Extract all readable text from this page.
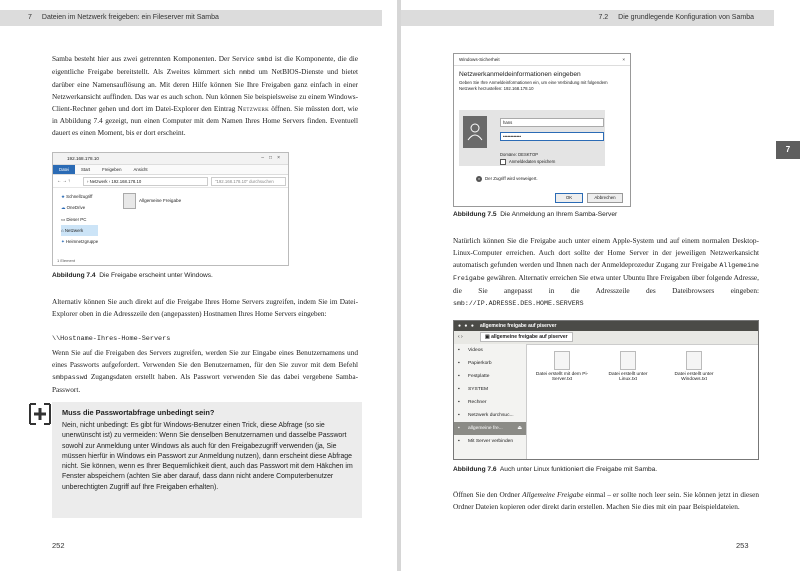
7 Dateien im Netzwerk freigeben: ein Fileserver mit Samba
Samba besteht hier aus zwei getrennten Komponenten. Der Service smbd ist die Komponente, die die eigentliche Freigabe bereitstellt. Als Zweites kümmert sich nmbd um NetBIOS-Dienste und bietet darüber eine Namensauflösung an. Mit deren Hilfe können Sie Ihre Freigaben ganz einfach in einer Netzwerkansicht auffinden. Das war es auch schon. Nun können Sie beispielsweise zu einem Windows-Client-Rechner gehen und dort im Datei-Explorer den Eintrag Netzwerk öffnen. Sie müssten dort, wie in Abbildung 7.4 gezeigt, nun einen Computer mit dem Namen Ihres Home Servers finden. Eventuell dauert es einen Moment, bis er dort erscheint.
192.168.178.10	–□×
Datei	Start	Freigeben	Ansicht
← → ↑	› Netzwerk › 192.168.178.10	"192.168.178.10" durchsuchen
★ Schnellzugriff
☁ OneDrive
▭ Dieser PC
⌂ Netzwerk
✦ Heimnetzgruppe
Allgemeine Freigabe
1 Element
Abbildung 7.4 Die Freigabe erscheint unter Windows.
Alternativ können Sie auch direkt auf die Freigabe Ihres Home Servers zugreifen, indem Sie im Datei-Explorer oben in die Adresszeile den (angepassten) Hostnamen Ihres Home Servers eingeben:
\\Hostname-Ihres-Home-Servers
Wenn Sie auf die Freigaben des Servers zugreifen, werden Sie zur Eingabe eines Benutzernamens und eines Passworts aufgefordert. Verwenden Sie den Benutzernamen, für den Sie zuvor mit dem Befehl smbpasswd Zugangsdaten erstellt haben. Als Passwort verwenden Sie das dabei vergebene Samba-Passwort.
Muss die Passwortabfrage unbedingt sein?
Nein, nicht unbedingt: Es gibt für Windows-Benutzer einen Trick, diese Abfrage (so sie unerwünscht ist) zu vermeiden: Wenn Sie denselben Benutzernamen und dasselbe Passwort sowohl zur Anmeldung unter Windows als auch für den Freigabezugriff verwenden (ja, Sie müssen hierfür in Windows ein Passwort zur Anmeldung nutzen), dann erscheint diese Abfrage nicht. Sie können, wenn es Ihrer Bequemlichkeit dient, auch das Passwort mit dem Häkchen im Fenster abspeichern (achten Sie aber darauf, dass dann nicht andere Computerbenutzer unberechtigten Zugriff auf Ihre Freigaben erhalten).
252
7.2 Die grundlegende Konfiguration von Samba
7
Windows-Sicherheit	×
Netzwerkanmeldeinformationen eingeben
Geben Sie Ihre Anmeldeinformationen ein, um eine Verbindung mit folgendem Netzwerk herzustellen: 192.168.178.10
hans
••••••••••••
Domäne: DESKTOP
Anmeldedaten speichern
× Der Zugriff wird verweigert.
OK	Abbrechen
Abbildung 7.5 Die Anmeldung an Ihrem Samba-Server
Natürlich können Sie die Freigabe auch unter einem Apple-System und auf einem normalen Desktop-Linux-Computer erreichen. Auch dort sollte der Home Server in der jeweiligen Netzwerkansicht automatisch gefunden werden und Ihnen nach der Anmeldeprozedur Zugang zur Freigabe Allgemeine Freigabe gewähren. Alternativ erreichen Sie etwa unter Ubuntu Ihre Freigaben über folgende Adresse, die Sie angepasst in die Adresszeile des Dateibrowsers eingeben: smb://IP.ADRESSE.DES.HOME.SERVERS
● ● ● allgemeine freigabe auf piserver
‹ ›	▣ allgemeine freigabe auf piserver
▪ Videos
▪ Papierkorb
▪ Festplatte
▪ SYSTEM
▪ Rechner
▪ Netzwerk durchsuc...
▪ allgemeine fre...	⏏
▪ Mit Server verbinden
Datei erstellt mit dem Pi-Server.txt
Datei erstellt unter Linux.txt
Datei erstellt unter Windows.txt
Abbildung 7.6 Auch unter Linux funktioniert die Freigabe mit Samba.
Öffnen Sie den Ordner Allgemeine Freigabe einmal – er sollte noch leer sein. Sie können jetzt in diesen Ordner Dateien kopieren oder direkt darin erstellen. Machen Sie dies mit ein paar Beispieldateien.
253
